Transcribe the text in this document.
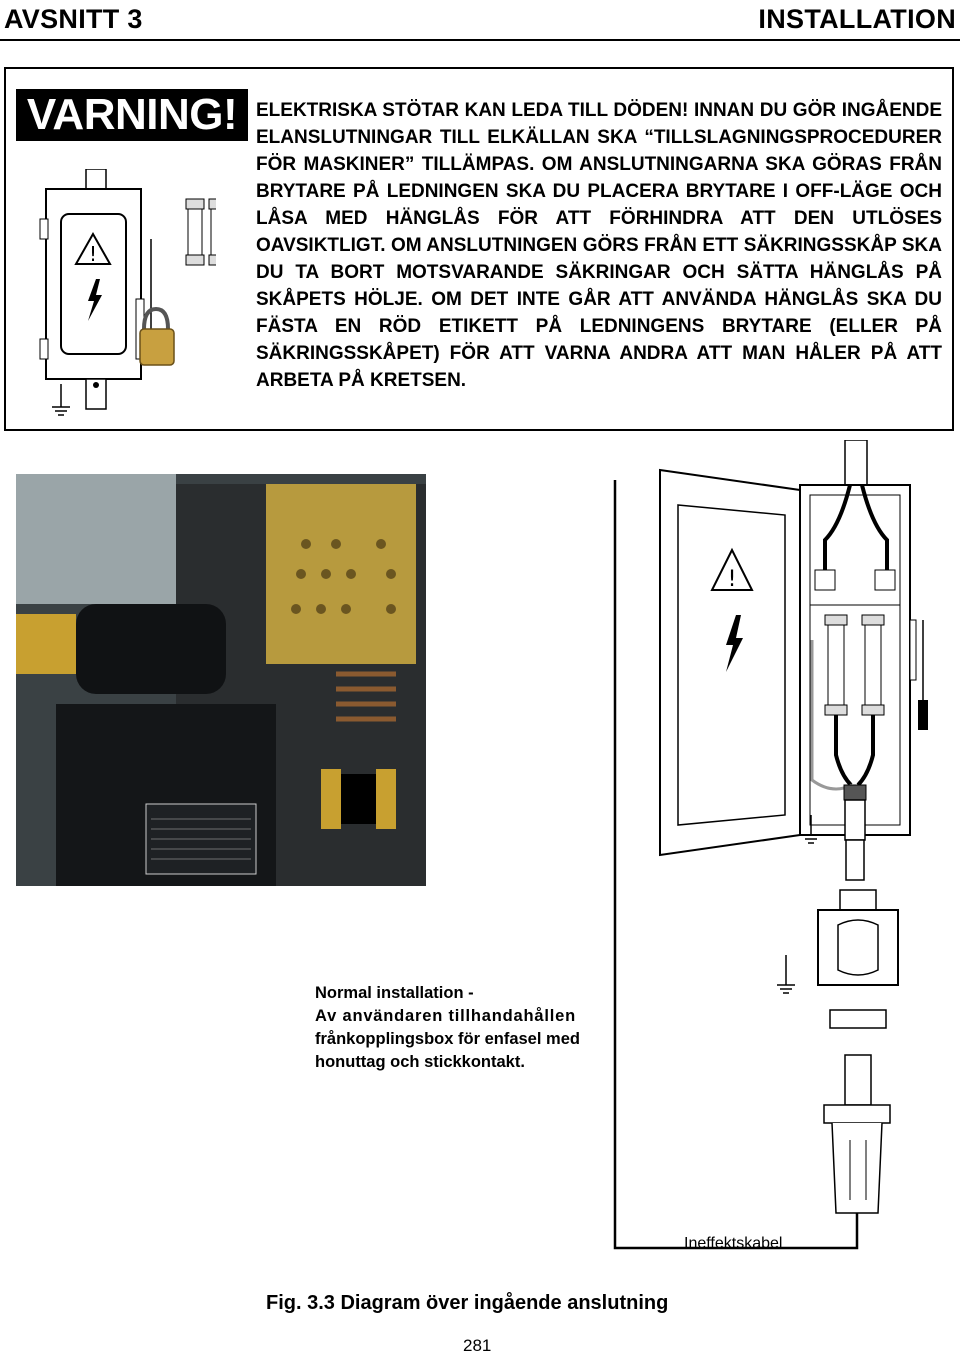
AVSNITT 3	INSTALLATION
VARNING! ELEKTRISKA STÖTAR KAN LEDA TILL DÖDEN! INNAN DU GÖR INGÅENDE ELANSLUTNINGAR TILL ELKÄLLAN SKA “TILLSLAGNINGSPROCEDURER FÖR MASKINER” TILLÄMPAS. OM ANSLUTNINGARNA SKA GÖRAS FRÅN BRYTARE PÅ LEDNINGEN SKA DU PLACERA BRYTARE I OFF-LÄGE OCH LÅSA MED HÄNGLÅS FÖR ATT FÖRHINDRA ATT DEN UTLÖSES OAVSIKTLIGT. OM ANSLUTNINGEN GÖRS FRÅN ETT SÄKRINGSSKÅP SKA DU TA BORT MOTSVARANDE SÄKRINGAR OCH SÄTTA HÄNGLÅS PÅ SKÅPETS HÖLJE. OM DET INTE GÅR ATT ANVÄNDA HÄNGLÅS SKA DU FÄSTA EN RÖD ETIKETT PÅ LEDNINGENS BRYTARE (ELLER PÅ SÄKRINGSSKÅPET) FÖR ATT VARNA ANDRA ATT MAN HÅLER PÅ ATT ARBETA PÅ KRETSEN.
!
!
Normal installation -
Av användaren tillhandahållen
frånkopplingsbox för enfasel med
honuttag och stickkontakt.
Ineffektskabel
Fig. 3.3 Diagram över ingående anslutning
281
